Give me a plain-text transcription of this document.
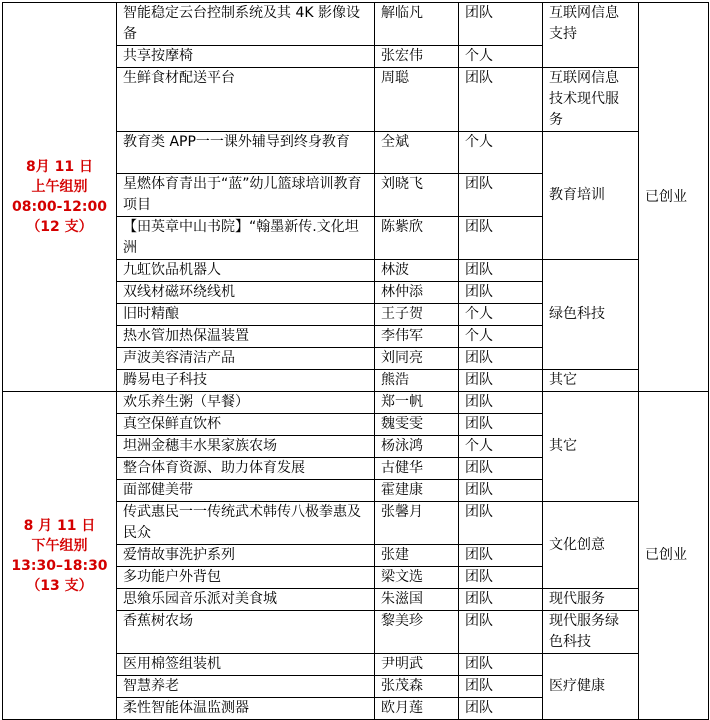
8月 11 日
上午组别
08:00-12:00
（12 支）	智能稳定云台控制系统及其 4K 影像设备	解临凡	团队	互联网信息支持	已创业
	共享按摩椅	张宏伟	个人		
	生鲜食材配送平台	周聪	团队	互联网信息技术现代服务	
	教育类 APP一一课外辅导到终身教育	全斌	个人	教育培训	
	星燃体育青出于“蓝”幼儿篮球培训教育项目	刘晓飞	团队		
	【田英章中山书院】“翰墨新传.文化坦洲	陈紫欣	团队		
	九虹饮品机器人	林波	团队	绿色科技	
	双线材磁环绕线机	林仲添	团队		
	旧时精酿	王子贺	个人		
	热水管加热保温装置	李伟军	个人		
	声波美容清洁产品	刘同亮	团队		
	腾易电子科技	熊浩	团队	其它	

8 月 11 日
下午组别
13:30–18:30
（13 支）	欢乐养生粥（早餐）	郑一帆	团队	其它	已创业
	真空保鲜直饮杯	魏雯雯	团队		
	坦洲金穗丰水果家族农场	杨泳鸿	个人		
	整合体育资源、助力体育发展	古健华	团队		
	面部健美带	霍建康	团队		
	传武惠民一一传统武术韩传八极拳惠及民众	张馨月	团队	文化创意	
	爱情故事洗护系列	张建	团队		
	多功能户外背包	梁文选	团队		
	思飨乐园音乐派对美食城	朱滋国	团队	现代服务	
	香蕉树农场	黎美珍	团队	现代服务绿色科技	
	医用棉签组装机	尹明武	团队	医疗健康	
	智慧养老	张茂森	团队		
	柔性智能体温监测器	欧月莲	团队		
